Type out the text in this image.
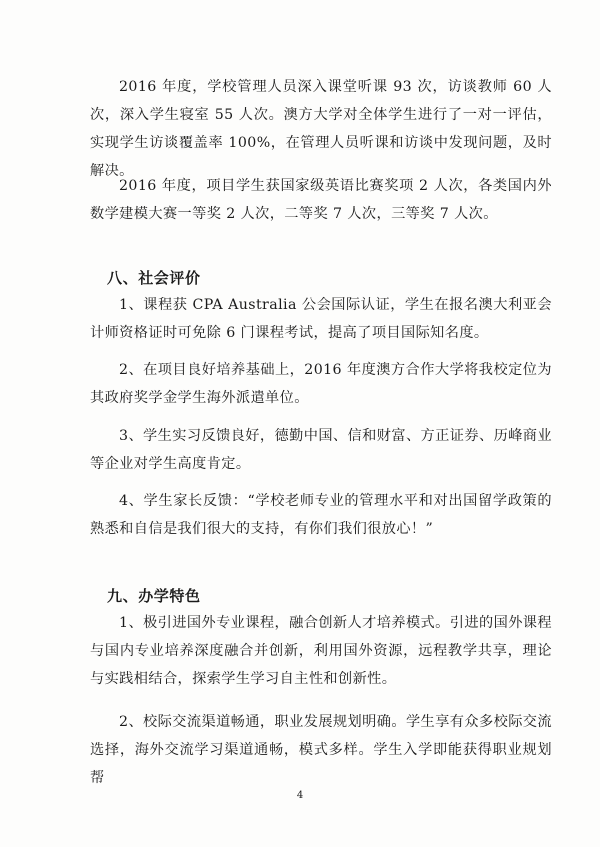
2016 年度，学校管理人员深入课堂听课 93 次，访谈教师 60 人次，深入学生寝室 55 人次。澳方大学对全体学生进行了一对一评估，实现学生访谈覆盖率 100%，在管理人员听课和访谈中发现问题，及时解决。

2016 年度，项目学生获国家级英语比赛奖项 2 人次，各类国内外数学建模大赛一等奖 2 人次，二等奖 7 人次，三等奖 7 人次。

八、社会评价

1、课程获 CPA Australia 公会国际认证，学生在报名澳大利亚会计师资格证时可免除 6 门课程考试，提高了项目国际知名度。

2、在项目良好培养基础上，2016 年度澳方合作大学将我校定位为其政府奖学金学生海外派遣单位。

3、学生实习反馈良好，德勤中国、信和财富、方正证券、历峰商业等企业对学生高度肯定。

4、学生家长反馈：“学校老师专业的管理水平和对出国留学政策的熟悉和自信是我们很大的支持，有你们我们很放心！”

九、办学特色

1、极引进国外专业课程，融合创新人才培养模式。引进的国外课程与国内专业培养深度融合并创新，利用国外资源，远程教学共享，理论与实践相结合，探索学生学习自主性和创新性。

2、校际交流渠道畅通，职业发展规划明确。学生享有众多校际交流选择，海外交流学习渠道通畅，模式多样。学生入学即能获得职业规划帮

4
